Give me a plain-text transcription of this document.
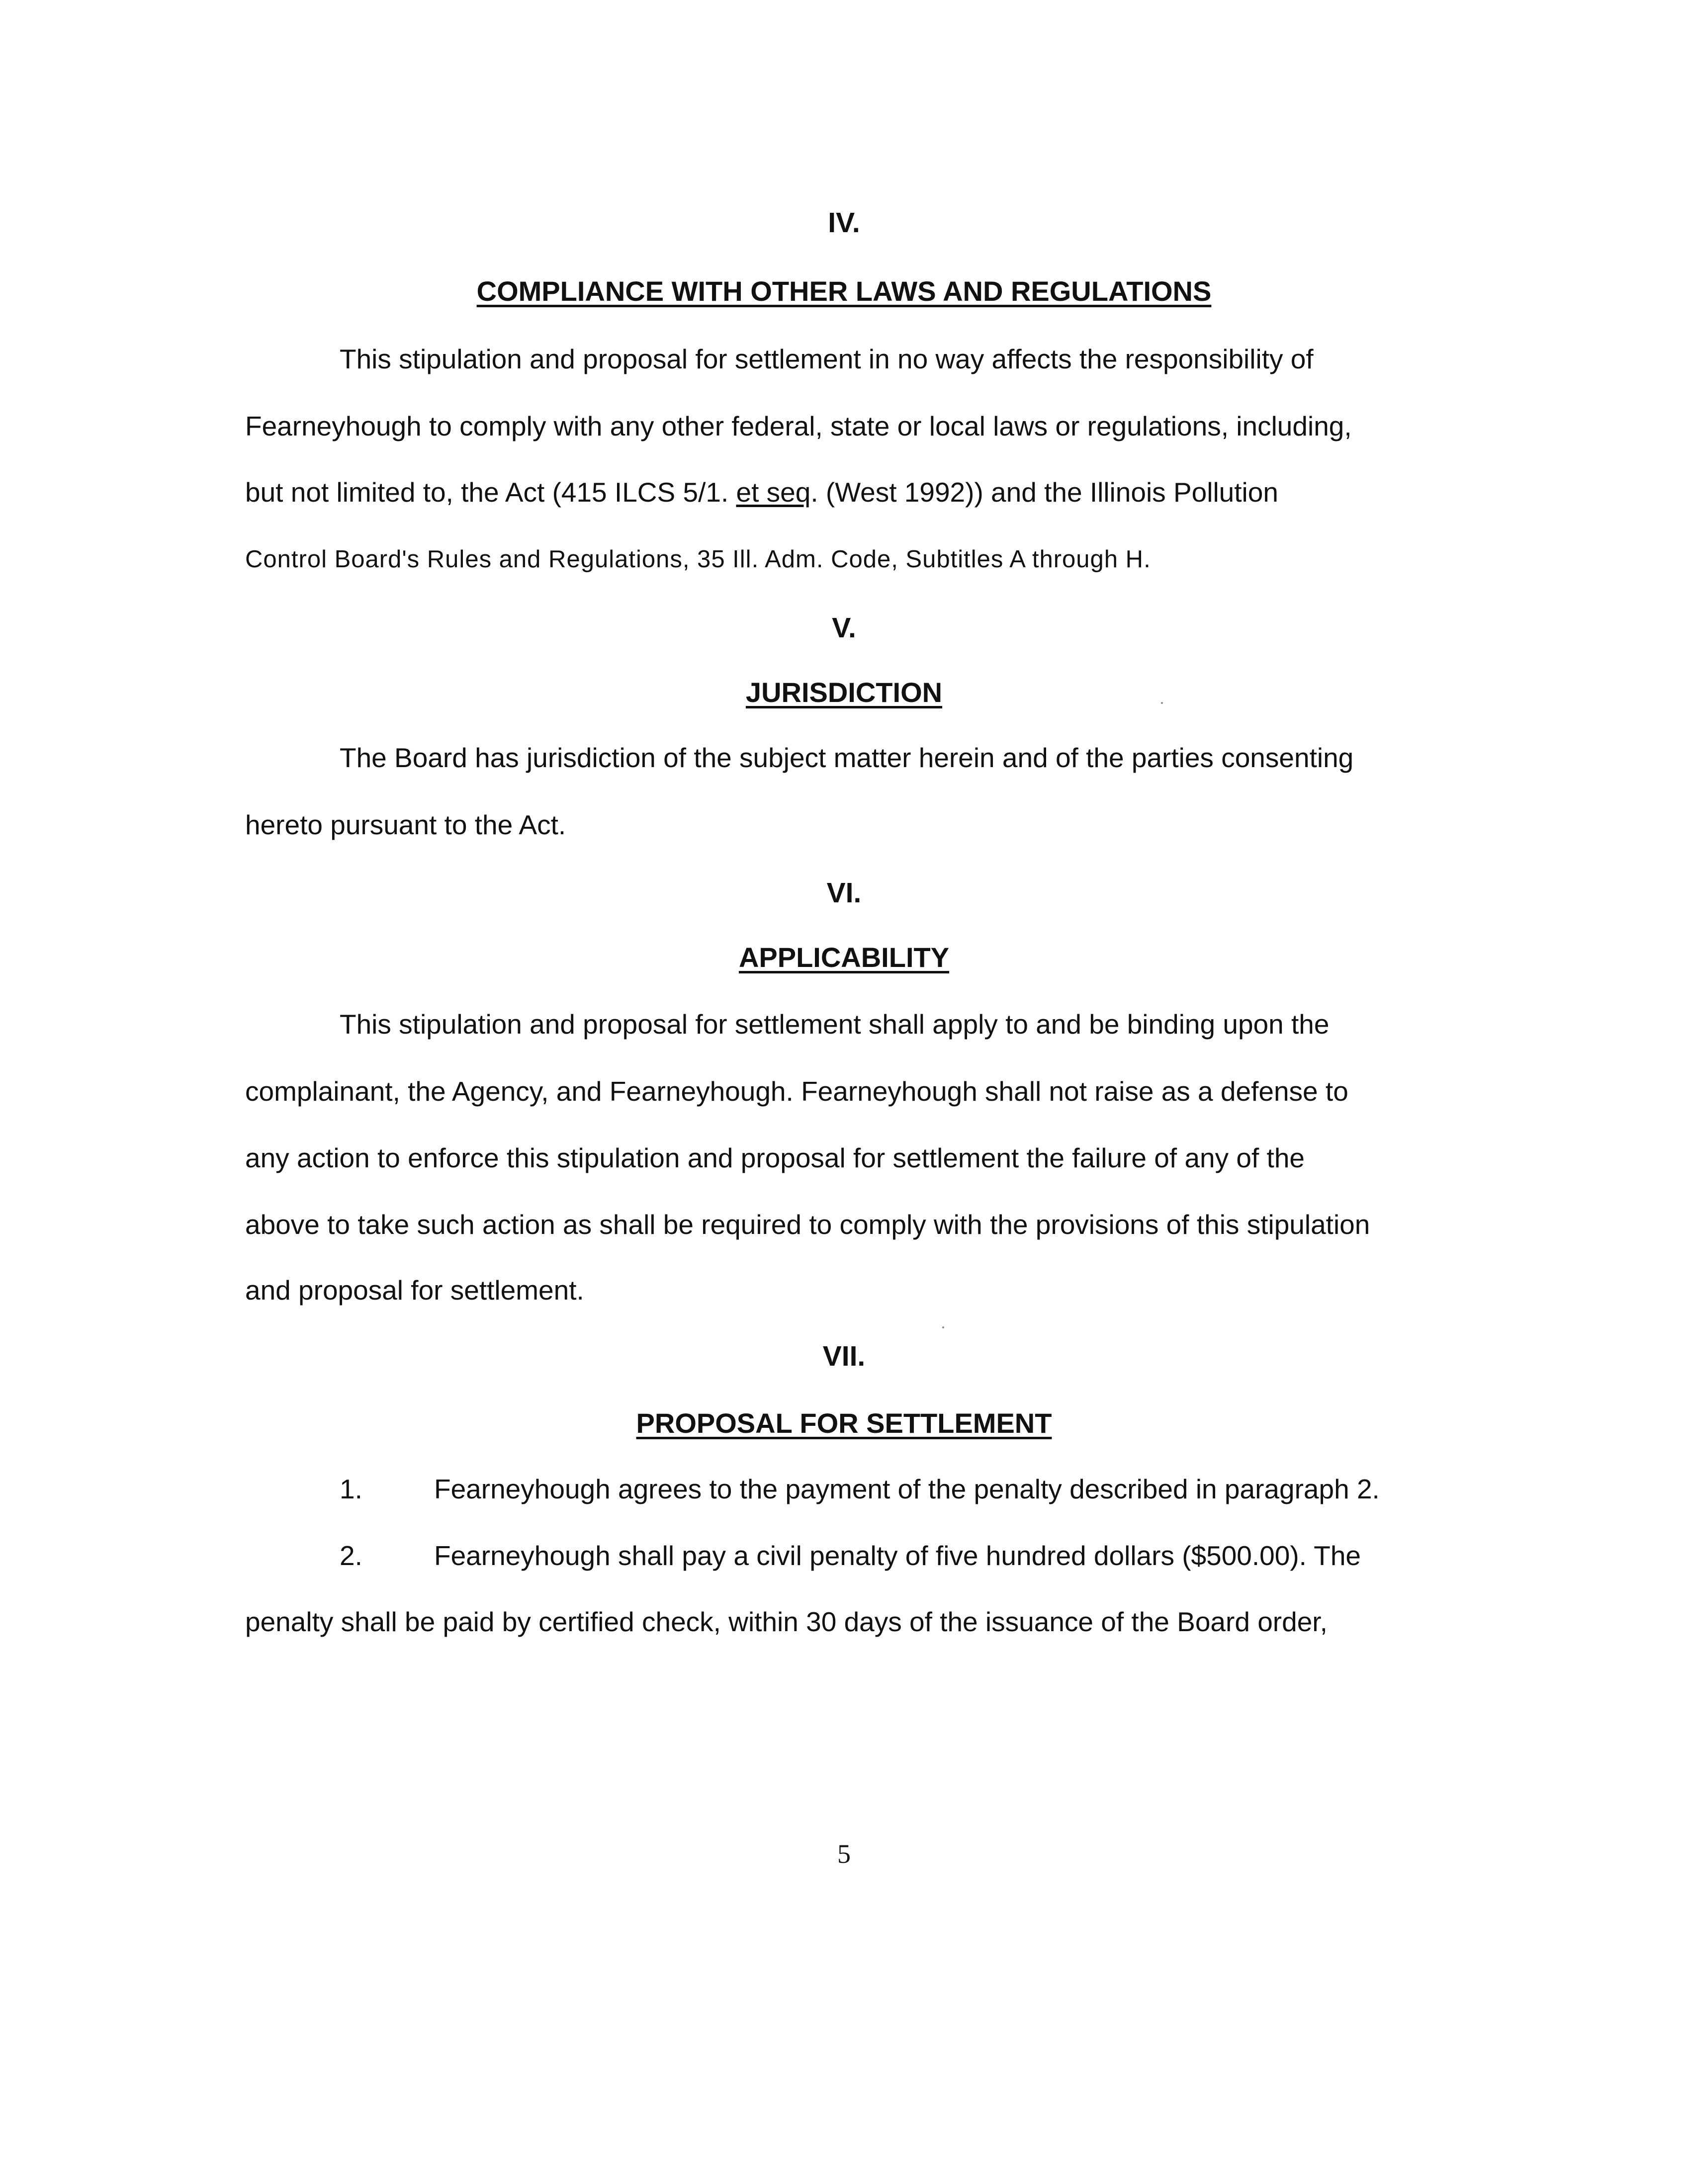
IV.
COMPLIANCE WITH OTHER LAWS AND REGULATIONS
This stipulation and proposal for settlement in no way affects the responsibility of
Fearneyhough to comply with any other federal, state or local laws or regulations, including,
but not limited to, the Act (415 ILCS 5/1. et seq. (West 1992)) and the Illinois Pollution
Control Board's Rules and Regulations, 35 Ill. Adm. Code, Subtitles A through H.
V.
JURISDICTION
The Board has jurisdiction of the subject matter herein and of the parties consenting
hereto pursuant to the Act.
VI.
APPLICABILITY
This stipulation and proposal for settlement shall apply to and be binding upon the
complainant, the Agency, and Fearneyhough. Fearneyhough shall not raise as a defense to
any action to enforce this stipulation and proposal for settlement the failure of any of the
above to take such action as shall be required to comply with the provisions of this stipulation
and proposal for settlement.
VII.
PROPOSAL FOR SETTLEMENT
1.	Fearneyhough agrees to the payment of the penalty described in paragraph 2.
2.	Fearneyhough shall pay a civil penalty of five hundred dollars ($500.00). The
penalty shall be paid by certified check, within 30 days of the issuance of the Board order,
5
